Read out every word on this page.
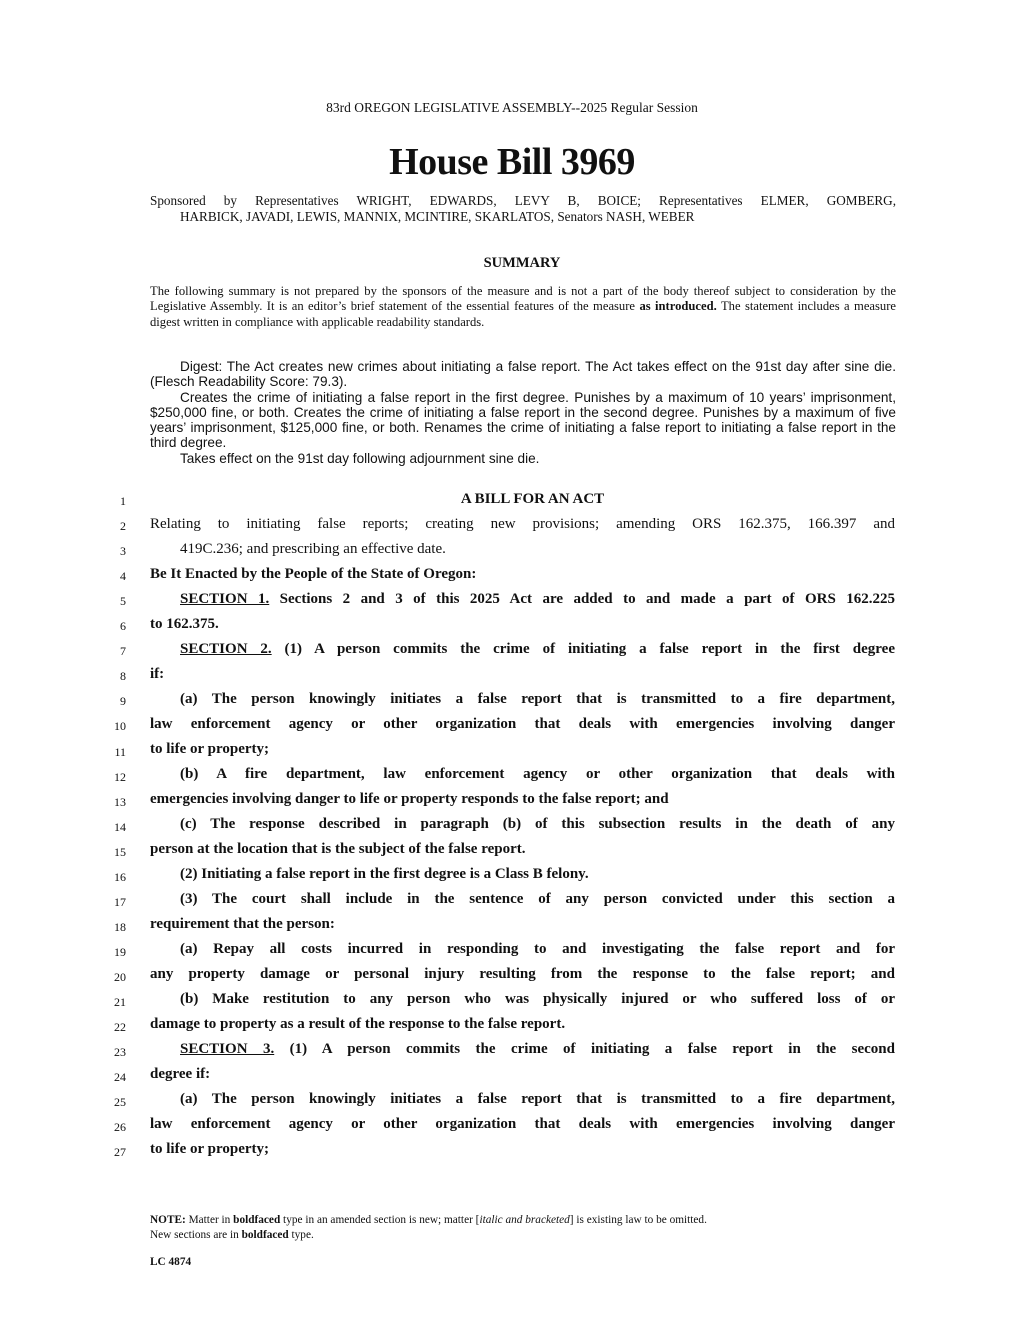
83rd OREGON LEGISLATIVE ASSEMBLY--2025 Regular Session
House Bill 3969
Sponsored by Representatives WRIGHT, EDWARDS, LEVY B, BOICE; Representatives ELMER, GOMBERG,
HARBICK, JAVADI, LEWIS, MANNIX, MCINTIRE, SKARLATOS, Senators NASH, WEBER
SUMMARY
The following summary is not prepared by the sponsors of the measure and is not a part of the body thereof subject to consideration by the Legislative Assembly. It is an editor’s brief statement of the essential features of the measure as introduced. The statement includes a measure digest written in compliance with applicable readability standards.
Digest: The Act creates new crimes about initiating a false report. The Act takes effect on the 91st day after sine die. (Flesch Readability Score: 79.3).
Creates the crime of initiating a false report in the first degree. Punishes by a maximum of 10 years’ imprisonment, $250,000 fine, or both. Creates the crime of initiating a false report in the second degree. Punishes by a maximum of five years’ imprisonment, $125,000 fine, or both. Renames the crime of initiating a false report to initiating a false report in the third degree.
Takes effect on the 91st day following adjournment sine die.
1
2
3
4
5
6
7
8
9
10
11
12
13
14
15
16
17
18
19
20
21
22
23
24
25
26
27
A BILL FOR AN ACT
Relating to initiating false reports; creating new provisions; amending ORS 162.375, 166.397 and
419C.236; and prescribing an effective date.
Be It Enacted by the People of the State of Oregon:
SECTION 1. Sections 2 and 3 of this 2025 Act are added to and made a part of ORS 162.225
to 162.375.
SECTION 2. (1) A person commits the crime of initiating a false report in the first degree
if:
(a) The person knowingly initiates a false report that is transmitted to a fire department,
law enforcement agency or other organization that deals with emergencies involving danger
to life or property;
(b) A fire department, law enforcement agency or other organization that deals with
emergencies involving danger to life or property responds to the false report; and
(c) The response described in paragraph (b) of this subsection results in the death of any
person at the location that is the subject of the false report.
(2) Initiating a false report in the first degree is a Class B felony.
(3) The court shall include in the sentence of any person convicted under this section a
requirement that the person:
(a) Repay all costs incurred in responding to and investigating the false report and for
any property damage or personal injury resulting from the response to the false report; and
(b) Make restitution to any person who was physically injured or who suffered loss of or
damage to property as a result of the response to the false report.
SECTION 3. (1) A person commits the crime of initiating a false report in the second
degree if:
(a) The person knowingly initiates a false report that is transmitted to a fire department,
law enforcement agency or other organization that deals with emergencies involving danger
to life or property;
NOTE: Matter in boldfaced type in an amended section is new; matter [italic and bracketed] is existing law to be omitted.
New sections are in boldfaced type.
LC 4874
